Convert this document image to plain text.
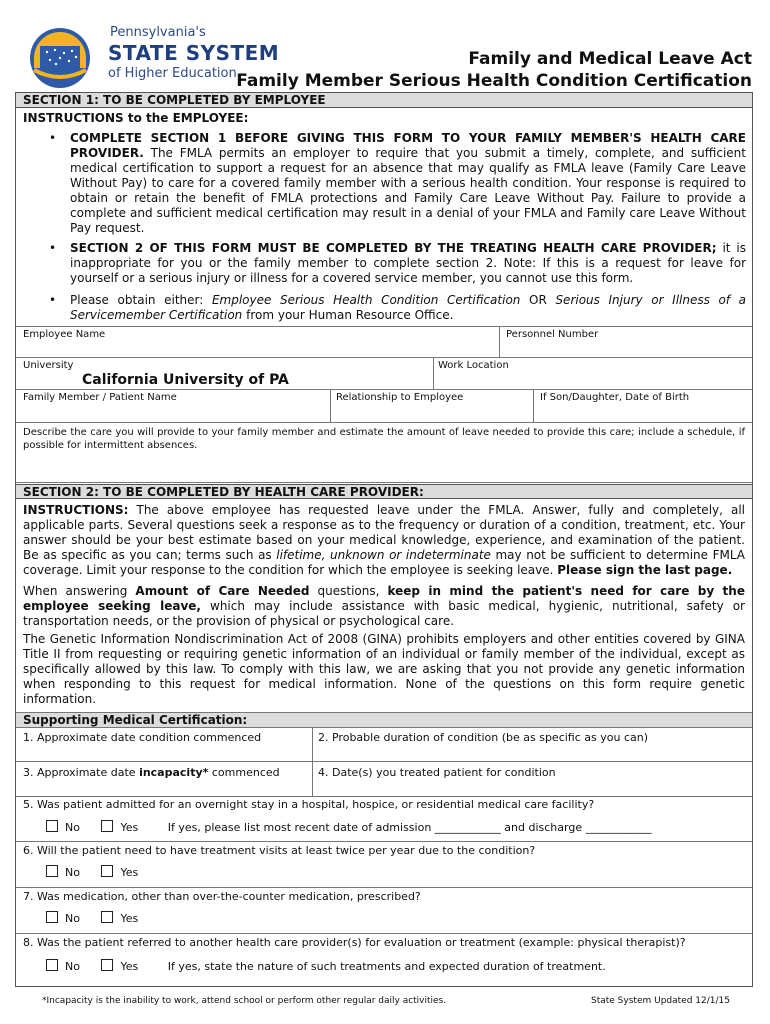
Pennsylvania's
STATE SYSTEM
of Higher Education
Family and Medical Leave Act
Family Member Serious Health Condition Certification
SECTION 1: TO BE COMPLETED BY EMPLOYEE
INSTRUCTIONS to the EMPLOYEE:
• COMPLETE SECTION 1 BEFORE GIVING THIS FORM TO YOUR FAMILY MEMBER'S HEALTH CARE PROVIDER. The FMLA permits an employer to require that you submit a timely, complete, and sufficient medical certification to support a request for an absence that may qualify as FMLA leave (Family Care Leave Without Pay) to care for a covered family member with a serious health condition. Your response is required to obtain or retain the benefit of FMLA protections and Family Care Leave Without Pay. Failure to provide a complete and sufficient medical certification may result in a denial of your FMLA and Family care Leave Without Pay request.
• SECTION 2 OF THIS FORM MUST BE COMPLETED BY THE TREATING HEALTH CARE PROVIDER; it is inappropriate for you or the family member to complete section 2. Note: If this is a request for leave for yourself or a serious injury or illness for a covered service member, you cannot use this form.
• Please obtain either: Employee Serious Health Condition Certification OR Serious Injury or Illness of a Servicemember Certification from your Human Resource Office.
Employee Name	Personnel Number
University
California University of PA
Work Location
Family Member / Patient Name	Relationship to Employee	If Son/Daughter, Date of Birth
Describe the care you will provide to your family member and estimate the amount of leave needed to provide this care; include a schedule, if possible for intermittent absences.
SECTION 2: TO BE COMPLETED BY HEALTH CARE PROVIDER:
INSTRUCTIONS: The above employee has requested leave under the FMLA. Answer, fully and completely, all applicable parts. Several questions seek a response as to the frequency or duration of a condition, treatment, etc. Your answer should be your best estimate based on your medical knowledge, experience, and examination of the patient. Be as specific as you can; terms such as lifetime, unknown or indeterminate may not be sufficient to determine FMLA coverage. Limit your response to the condition for which the employee is seeking leave. Please sign the last page.
When answering Amount of Care Needed questions, keep in mind the patient's need for care by the employee seeking leave, which may include assistance with basic medical, hygienic, nutritional, safety or transportation needs, or the provision of physical or psychological care.
The Genetic Information Nondiscrimination Act of 2008 (GINA) prohibits employers and other entities covered by GINA Title II from requesting or requiring genetic information of an individual or family member of the individual, except as specifically allowed by this law. To comply with this law, we are asking that you not provide any genetic information when responding to this request for medical information. None of the questions on this form require genetic information.
Supporting Medical Certification:
1. Approximate date condition commenced	2. Probable duration of condition (be as specific as you can)
3. Approximate date incapacity* commenced	4. Date(s) you treated patient for condition
5. Was patient admitted for an overnight stay in a hospital, hospice, or residential medical care facility?
No	Yes	If yes, please list most recent date of admission ____________ and discharge ____________
6. Will the patient need to have treatment visits at least twice per year due to the condition?
No	Yes
7. Was medication, other than over-the-counter medication, prescribed?
No	Yes
8. Was the patient referred to another health care provider(s) for evaluation or treatment (example: physical therapist)?
No	Yes	If yes, state the nature of such treatments and expected duration of treatment.
*Incapacity is the inability to work, attend school or perform other regular daily activities.	State System Updated 12/1/15
